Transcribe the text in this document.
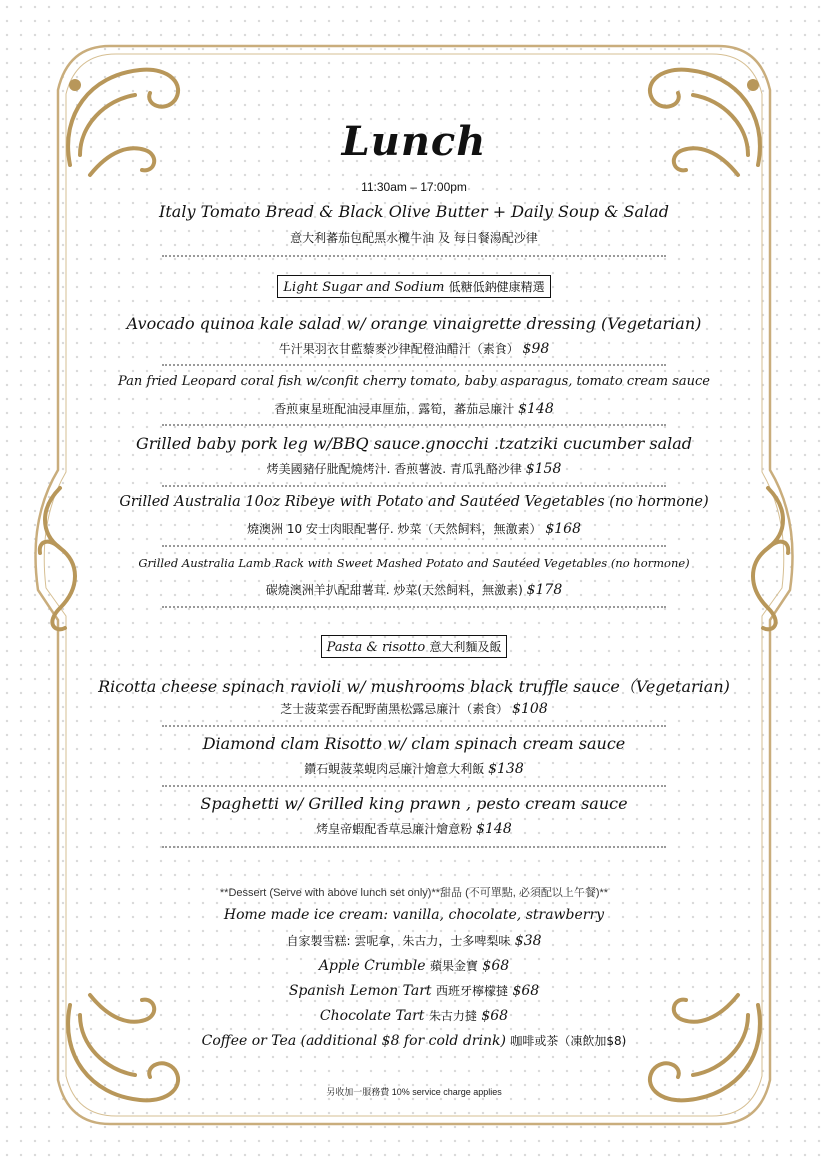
Lunch
11:30am – 17:00pm
Italy Tomato Bread & Black Olive Butter + Daily Soup & Salad
意大利蕃茄包配黑水欖牛油 及 每日餐湯配沙律
Light Sugar and Sodium 低糖低鈉健康精選
Avocado quinoa kale salad w/ orange vinaigrette dressing (Vegetarian)
牛汁果羽衣甘藍藜麥沙律配橙油醋汁（素食） $98
Pan fried Leopard coral fish w/confit cherry tomato, baby asparagus, tomato cream sauce
香煎東星班配油浸車厘茄，露筍，蕃茄忌廉汁 $148
Grilled baby pork leg w/BBQ sauce.gnocchi .tzatziki cucumber salad
烤美國豬仔肶配燒烤汁. 香煎薯波. 青瓜乳酪沙律 $158
Grilled Australia 10oz Ribeye with Potato and Sautéed Vegetables (no hormone)
燒澳洲 10 安士肉眼配薯仔. 炒菜（天然飼料，無激素） $168
Grilled Australia Lamb Rack with Sweet Mashed Potato and Sautéed Vegetables (no hormone)
碳燒澳洲羊扒配甜薯茸. 炒菜(天然飼料，無激素) $178
Pasta & risotto 意大利麵及飯
Ricotta cheese spinach ravioli w/ mushrooms black truffle sauce（Vegetarian)
芝士菠菜雲吞配野菌黑松露忌廉汁（素食） $108
Diamond clam Risotto w/ clam spinach cream sauce
鑽石蜆菠菜蜆肉忌廉汁燴意大利飯 $138
Spaghetti w/ Grilled king prawn , pesto cream sauce
烤皇帝蝦配香草忌廉汁燴意粉 $148
**Dessert (Serve with above lunch set only)**甜品 (不可單點, 必須配以上午餐)**
Home made ice cream: vanilla, chocolate, strawberry
自家製雪糕: 雲呢拿，朱古力，士多啤梨味 $38
Apple Crumble 蘋果金寶 $68
Spanish Lemon Tart 西班牙檸檬撻 $68
Chocolate Tart 朱古力撻 $68
Coffee or Tea (additional $8 for cold drink) 咖啡或茶（凍飲加$8)
另收加一服務費 10% service charge applies
